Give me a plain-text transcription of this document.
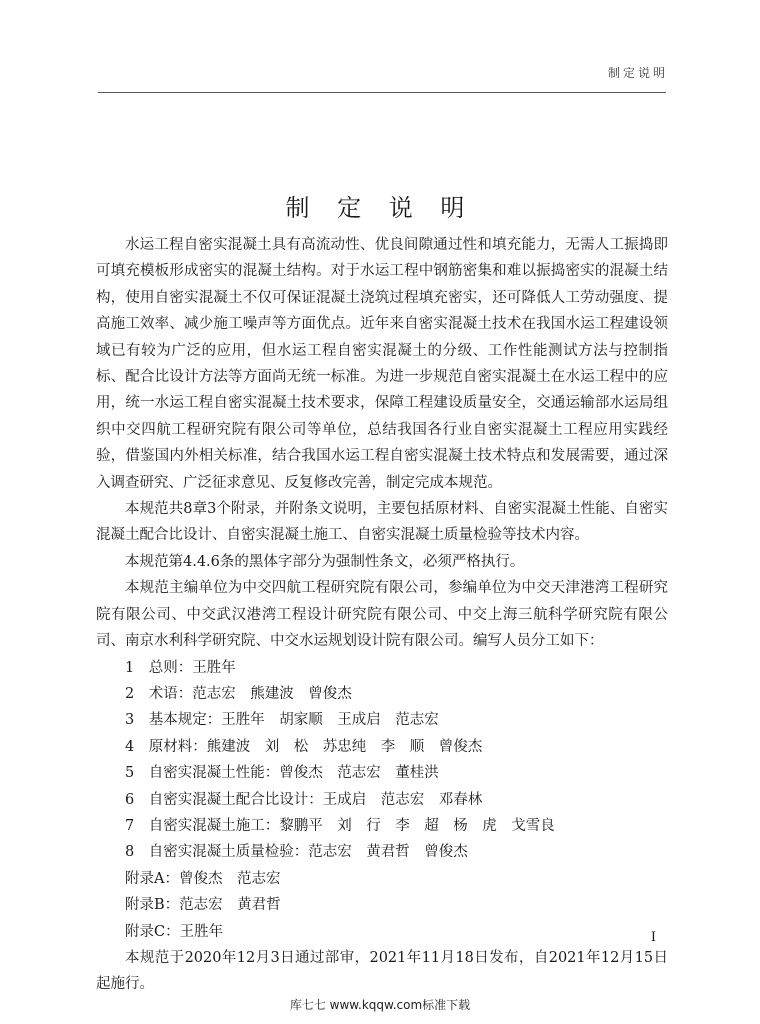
制定说明
制 定 说 明

水运工程自密实混凝土具有高流动性、优良间隙通过性和填充能力，无需人工振捣即可填充模板形成密实的混凝土结构。对于水运工程中钢筋密集和难以振捣密实的混凝土结构，使用自密实混凝土不仅可保证混凝土浇筑过程填充密实，还可降低人工劳动强度、提高施工效率、减少施工噪声等方面优点。近年来自密实混凝土技术在我国水运工程建设领域已有较为广泛的应用，但水运工程自密实混凝土的分级、工作性能测试方法与控制指标、配合比设计方法等方面尚无统一标准。为进一步规范自密实混凝土在水运工程中的应用，统一水运工程自密实混凝土技术要求，保障工程建设质量安全，交通运输部水运局组织中交四航工程研究院有限公司等单位，总结我国各行业自密实混凝土工程应用实践经验，借鉴国内外相关标准，结合我国水运工程自密实混凝土技术特点和发展需要，通过深入调查研究、广泛征求意见、反复修改完善，制定完成本规范。

本规范共8章3个附录，并附条文说明，主要包括原材料、自密实混凝土性能、自密实混凝土配合比设计、自密实混凝土施工、自密实混凝土质量检验等技术内容。

本规范第4.4.6条的黑体字部分为强制性条文，必须严格执行。

本规范主编单位为中交四航工程研究院有限公司，参编单位为中交天津港湾工程研究院有限公司、中交武汉港湾工程设计研究院有限公司、中交上海三航科学研究院有限公司、南京水利科学研究院、中交水运规划设计院有限公司。编写人员分工如下：

1　总则：王胜年

2　术语：范志宏　熊建波　曾俊杰

3　基本规定：王胜年　胡家顺　王成启　范志宏

4　原材料：熊建波　刘　松　苏忠纯　李　顺　曾俊杰

5　自密实混凝土性能：曾俊杰　范志宏　董桂洪

6　自密实混凝土配合比设计：王成启　范志宏　邓春林

7　自密实混凝土施工：黎鹏平　刘　行　李　超　杨　虎　戈雪良

8　自密实混凝土质量检验：范志宏　黄君哲　曾俊杰

附录A：曾俊杰　范志宏

附录B：范志宏　黄君哲

附录C：王胜年

本规范于2020年12月3日通过部审，2021年11月18日发布，自2021年12月15日起施行。

I
库七七 www.kqqw.com标准下载
